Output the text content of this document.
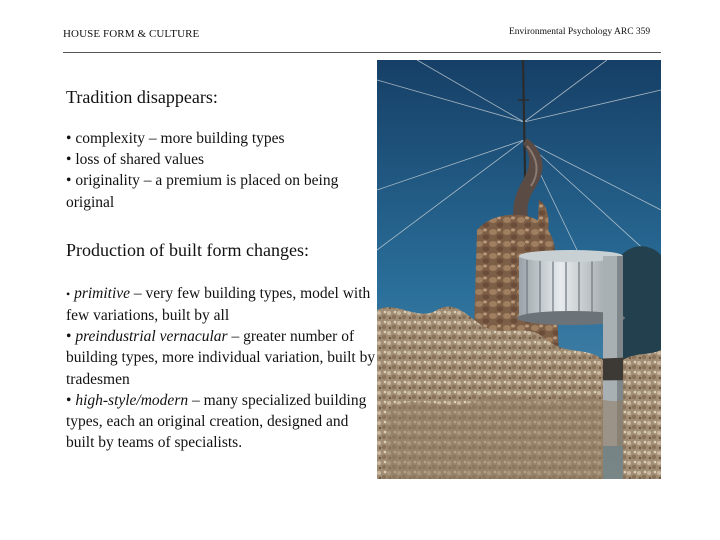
HOUSE FORM & CULTURE	Environmental Psychology ARC 359

Tradition disappears:

• complexity – more building types

• loss of shared values

• originality – a premium is placed on being original

Production of built form changes:

• primitive – very few building types, model with few variations, built by all

• preindustrial vernacular – greater number of building types, more individual variation, built by tradesmen

• high-style/modern – many specialized building types, each an original creation, designed and built by teams of specialists.
